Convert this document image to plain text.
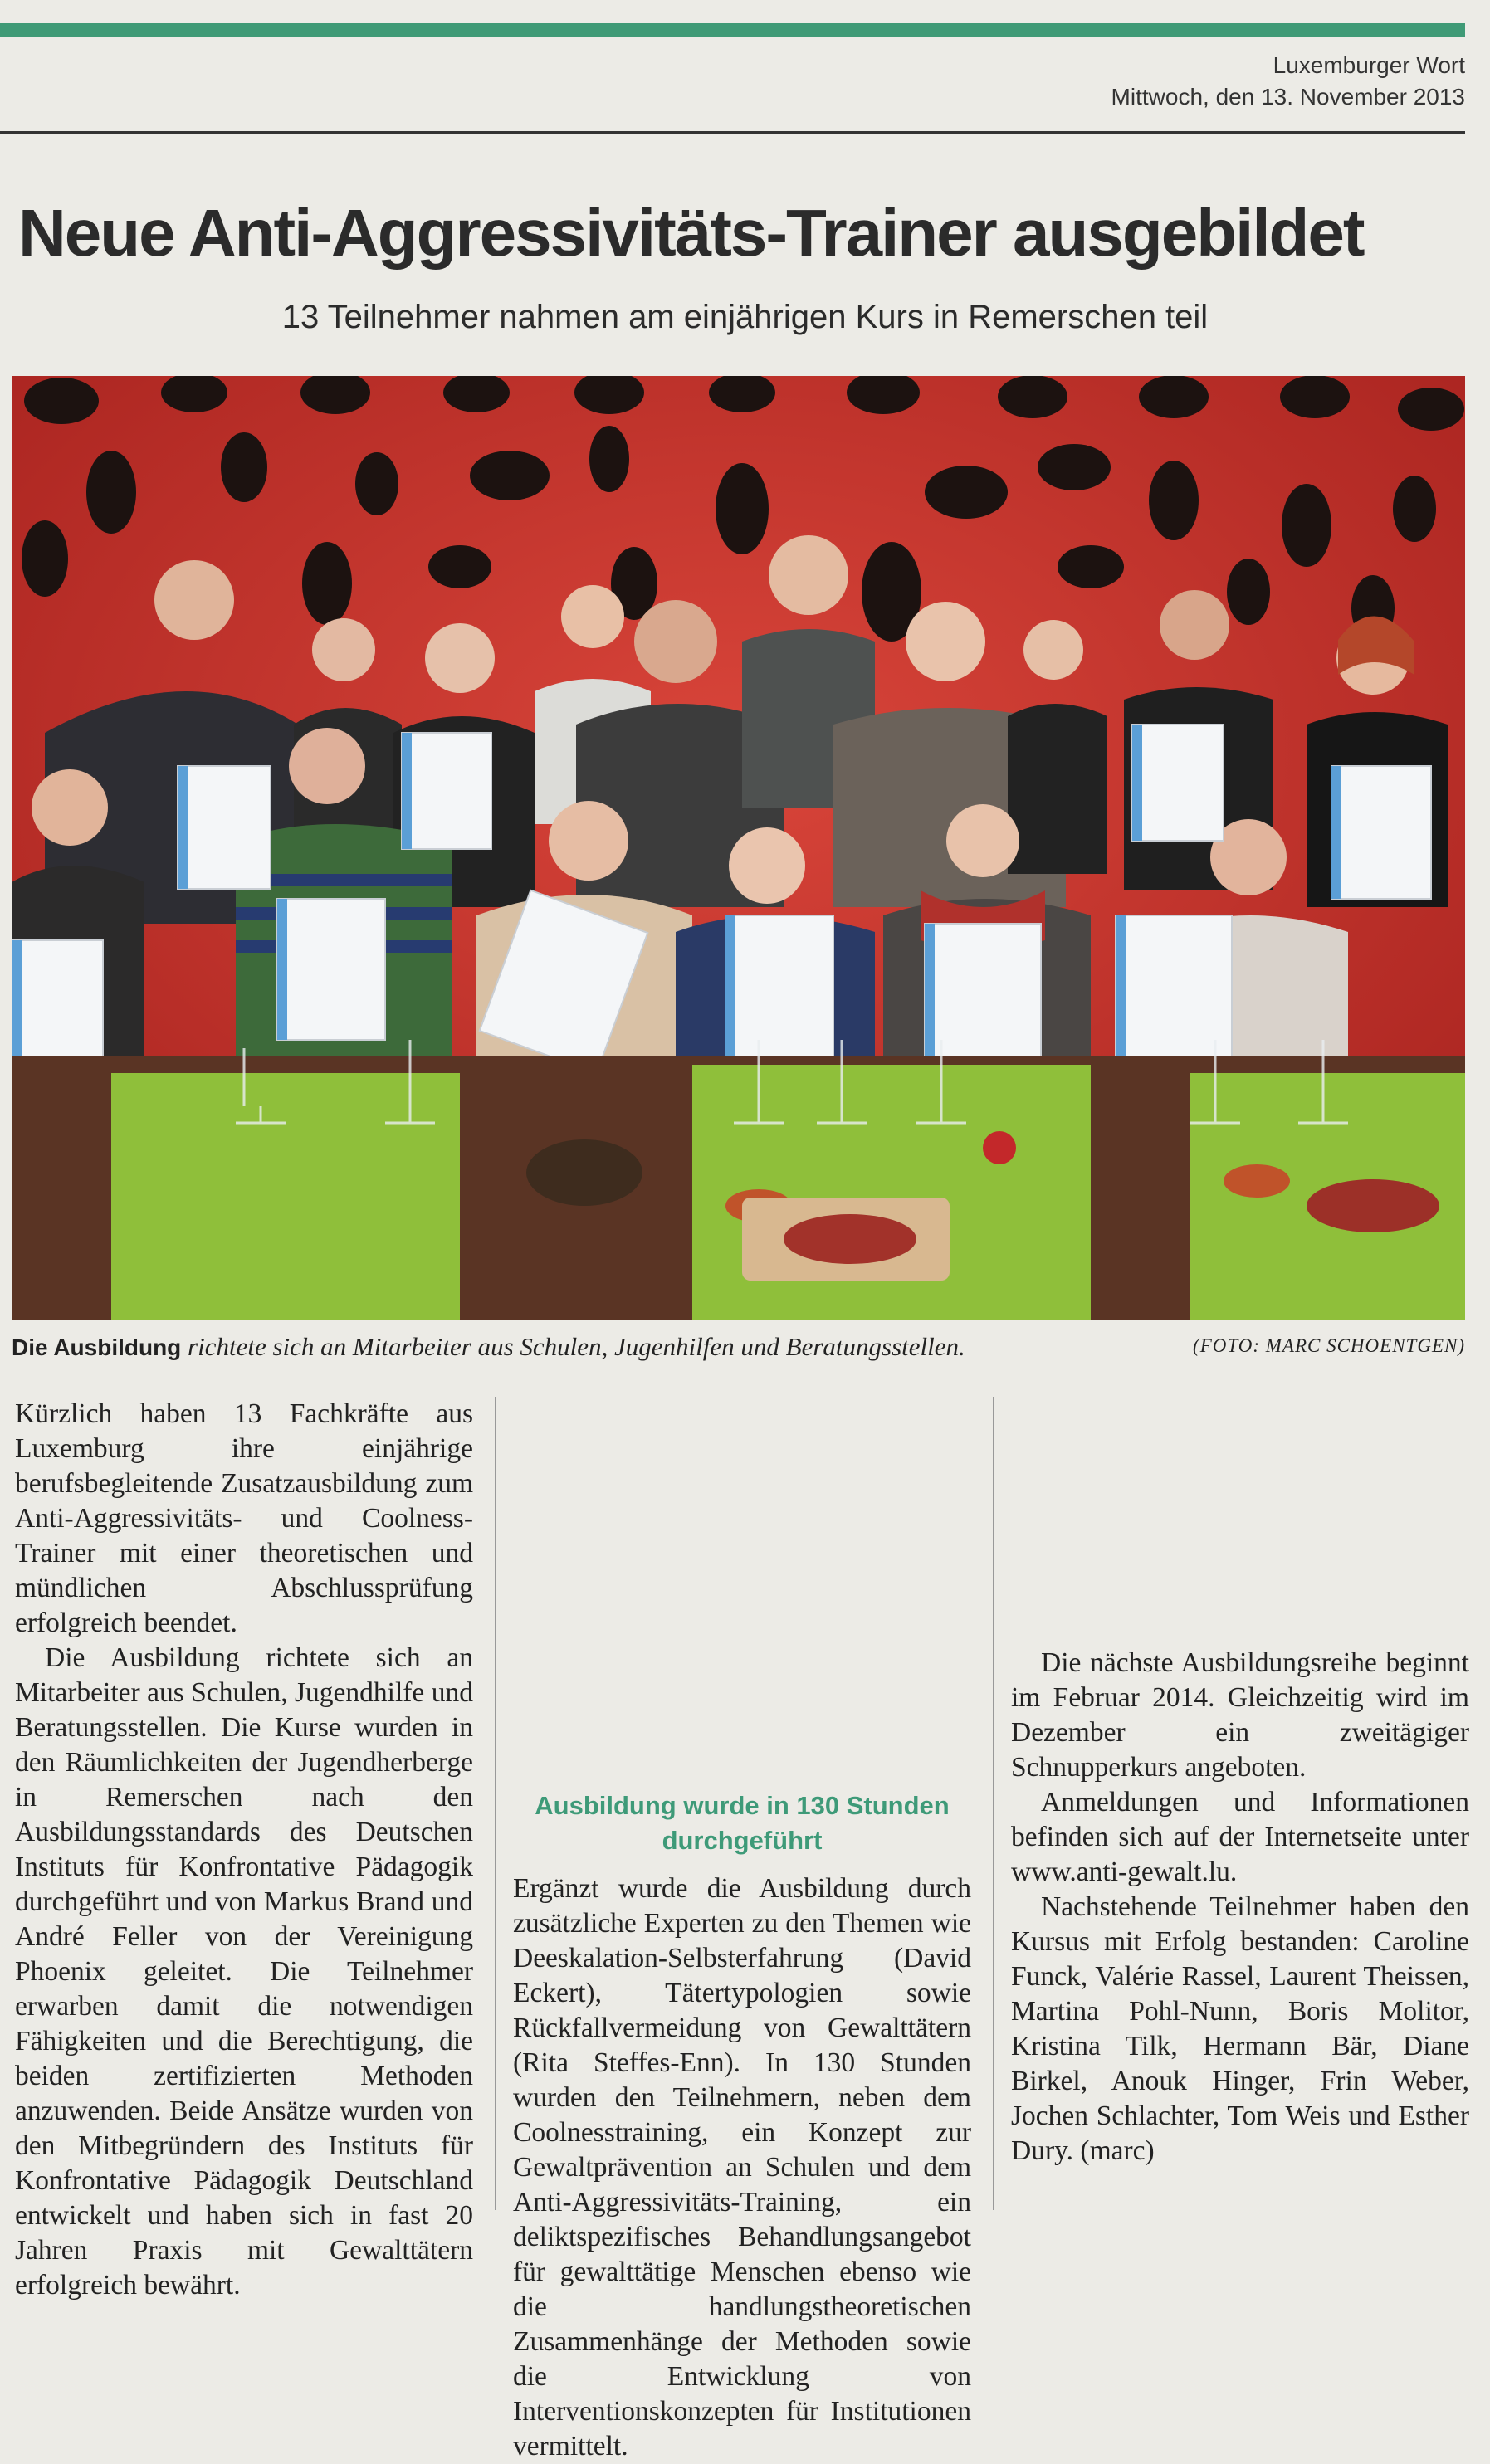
Luxemburger Wort
Mittwoch, den 13. November 2013
Neue Anti-Aggressivitäts-Trainer ausgebildet
13 Teilnehmer nahmen am einjährigen Kurs in Remerschen teil
Die Ausbildung richtete sich an Mitarbeiter aus Schulen, Jugenhilfen und Beratungsstellen.	(FOTO: MARC SCHOENTGEN)

Kürzlich haben 13 Fachkräfte aus Luxemburg ihre einjährige berufsbegleitende Zusatzausbildung zum Anti-Aggressivitäts- und Coolness-Trainer mit einer theoretischen und mündlichen Abschlussprüfung erfolgreich beendet.

Die Ausbildung richtete sich an Mitarbeiter aus Schulen, Jugendhilfe und Beratungsstellen. Die Kurse wurden in den Räumlichkeiten der Jugendherberge in Remerschen nach den Ausbildungsstandards des Deutschen Instituts für Konfrontative Pädagogik durchgeführt und von Markus Brand und André Feller von der Vereinigung Phoenix geleitet. Die Teilnehmer erwarben damit die notwendigen Fähigkeiten und die Berechtigung, die beiden zertifizierten Methoden anzuwenden. Beide Ansätze wurden von den Mitbegründern des Instituts für Konfrontative Pädagogik Deutschland entwickelt und haben sich in fast 20 Jahren Praxis mit Gewalttätern erfolgreich bewährt.

Ausbildung wurde in 130 Stunden durchgeführt

Ergänzt wurde die Ausbildung durch zusätzliche Experten zu den Themen wie Deeskalation-Selbsterfahrung (David Eckert), Tätertypologien sowie Rückfallvermeidung von Gewalttätern (Rita Steffes-Enn). In 130 Stunden wurden den Teilnehmern, neben dem Coolnesstraining, ein Konzept zur Gewaltprävention an Schulen und dem Anti-Aggressivitäts-Training, ein deliktspezifisches Behandlungsangebot für gewalttätige Menschen ebenso wie die handlungstheoretischen Zusammenhänge der Methoden sowie die Entwicklung von Interventionskonzepten für Institutionen vermittelt.

Die nächste Ausbildungsreihe beginnt im Februar 2014. Gleichzeitig wird im Dezember ein zweitägiger Schnupperkurs angeboten.

Anmeldungen und Informationen befinden sich auf der Internetseite unter www.anti-gewalt.lu.

Nachstehende Teilnehmer haben den Kursus mit Erfolg bestanden: Caroline Funck, Valérie Rassel, Laurent Theissen, Martina Pohl-Nunn, Boris Molitor, Kristina Tilk, Hermann Bär, Diane Birkel, Anouk Hinger, Frin Weber, Jochen Schlachter, Tom Weis und Esther Dury. (marc)
